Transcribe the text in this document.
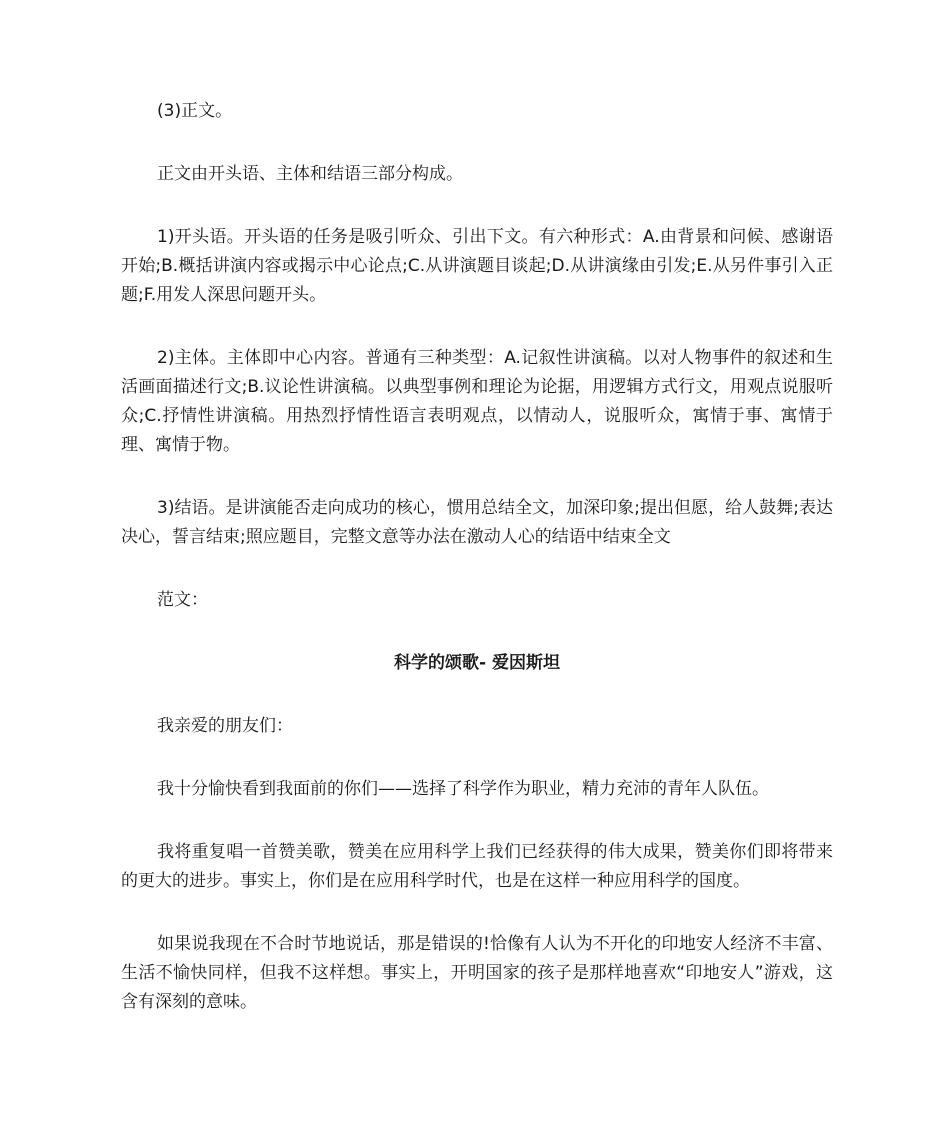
(3)正文。

正文由开头语、主体和结语三部分构成。

1)开头语。开头语的任务是吸引听众、引出下文。有六种形式：A.由背景和问候、感谢语开始;B.概括讲演内容或揭示中心论点;C.从讲演题目谈起;D.从讲演缘由引发;E.从另件事引入正题;F.用发人深思问题开头。

2)主体。主体即中心内容。普通有三种类型：A.记叙性讲演稿。以对人物事件的叙述和生活画面描述行文;B.议论性讲演稿。以典型事例和理论为论据，用逻辑方式行文，用观点说服听众;C.抒情性讲演稿。用热烈抒情性语言表明观点，以情动人，说服听众，寓情于事、寓情于理、寓情于物。

3)结语。是讲演能否走向成功的核心，惯用总结全文，加深印象;提出但愿，给人鼓舞;表达决心，誓言结束;照应题目，完整文意等办法在激动人心的结语中结束全文

范文：

科学的颂歌- 爱因斯坦

我亲爱的朋友们：

我十分愉快看到我面前的你们——选择了科学作为职业，精力充沛的青年人队伍。

我将重复唱一首赞美歌，赞美在应用科学上我们已经获得的伟大成果，赞美你们即将带来的更大的进步。事实上，你们是在应用科学时代，也是在这样一种应用科学的国度。

如果说我现在不合时节地说话，那是错误的!恰像有人认为不开化的印地安人经济不丰富、生活不愉快同样，但我不这样想。事实上，开明国家的孩子是那样地喜欢“印地安人”游戏，这含有深刻的意味。
